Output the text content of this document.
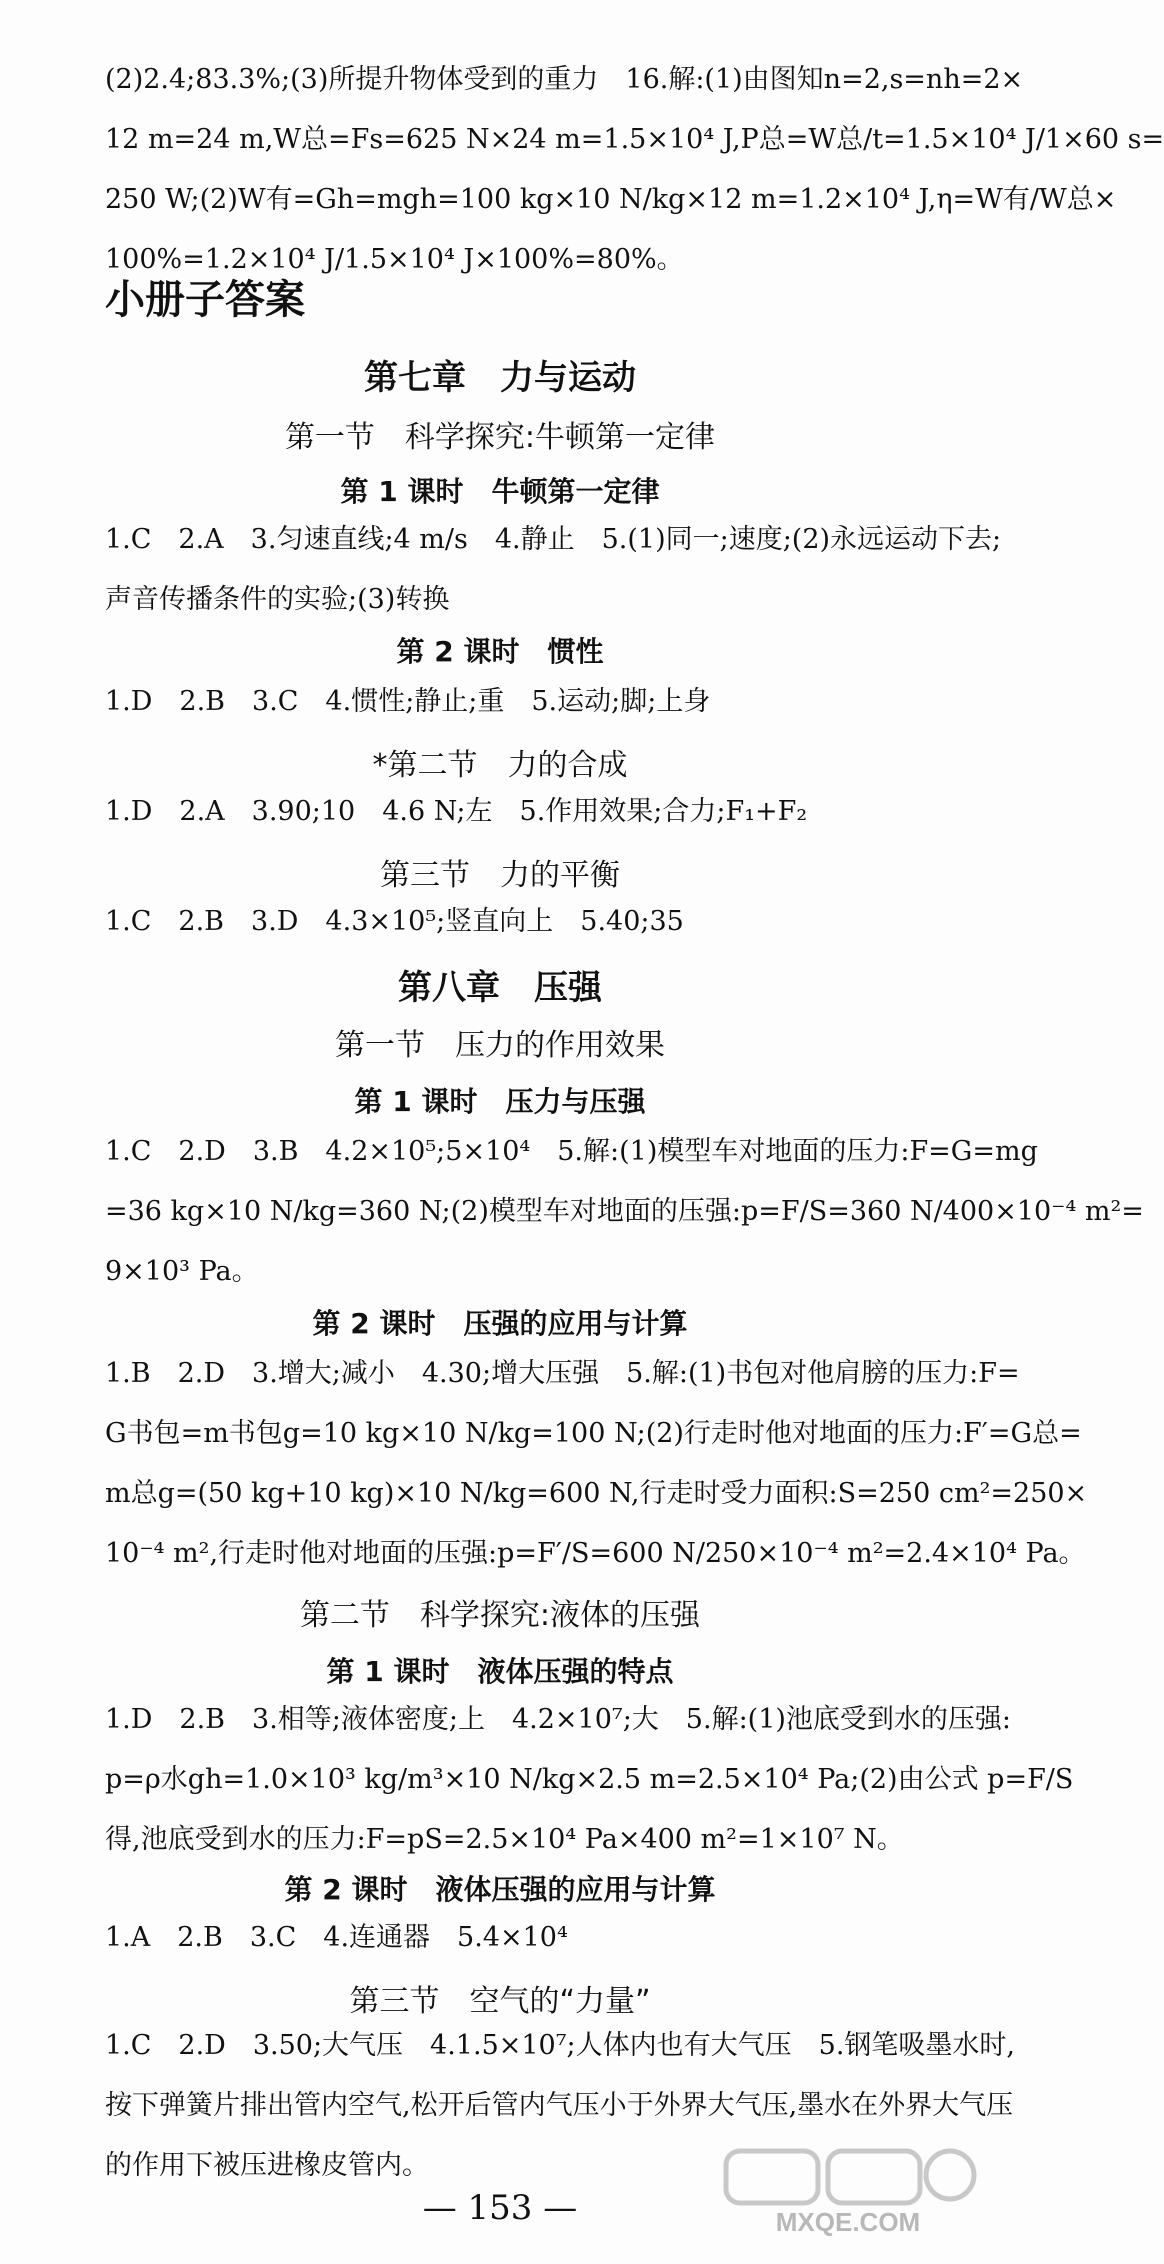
(2)2.4;83.3%;(3)所提升物体受到的重力　16.解:(1)由图知n=2,s=nh=2×
12 m=24 m,W总=Fs=625 N×24 m=1.5×10⁴ J,P总=W总/t=1.5×10⁴ J/1×60 s=
250 W;(2)W有=Gh=mgh=100 kg×10 N/kg×12 m=1.2×10⁴ J,η=W有/W总×
100%=1.2×10⁴ J/1.5×10⁴ J×100%=80%。
小册子答案
第七章　力与运动
第一节　科学探究:牛顿第一定律
第 1 课时　牛顿第一定律
1.C　2.A　3.匀速直线;4 m/s　4.静止　5.(1)同一;速度;(2)永远运动下去;
声音传播条件的实验;(3)转换
第 2 课时　惯性
1.D　2.B　3.C　4.惯性;静止;重　5.运动;脚;上身
*第二节　力的合成
1.D　2.A　3.90;10　4.6 N;左　5.作用效果;合力;F₁+F₂
第三节　力的平衡
1.C　2.B　3.D　4.3×10⁵;竖直向上　5.40;35
第八章　压强
第一节　压力的作用效果
第 1 课时　压力与压强
1.C　2.D　3.B　4.2×10⁵;5×10⁴　5.解:(1)模型车对地面的压力:F=G=mg
=36 kg×10 N/kg=360 N;(2)模型车对地面的压强:p=F/S=360 N/400×10⁻⁴ m²=
9×10³ Pa。
第 2 课时　压强的应用与计算
1.B　2.D　3.增大;减小　4.30;增大压强　5.解:(1)书包对他肩膀的压力:F=
G书包=m书包g=10 kg×10 N/kg=100 N;(2)行走时他对地面的压力:F′=G总=
m总g=(50 kg+10 kg)×10 N/kg=600 N,行走时受力面积:S=250 cm²=250×
10⁻⁴ m²,行走时他对地面的压强:p=F′/S=600 N/250×10⁻⁴ m²=2.4×10⁴ Pa。
第二节　科学探究:液体的压强
第 1 课时　液体压强的特点
1.D　2.B　3.相等;液体密度;上　4.2×10⁷;大　5.解:(1)池底受到水的压强:
p=ρ水gh=1.0×10³ kg/m³×10 N/kg×2.5 m=2.5×10⁴ Pa;(2)由公式 p=F/S
得,池底受到水的压力:F=pS=2.5×10⁴ Pa×400 m²=1×10⁷ N。
第 2 课时　液体压强的应用与计算
1.A　2.B　3.C　4.连通器　5.4×10⁴
第三节　空气的“力量”
1.C　2.D　3.50;大气压　4.1.5×10⁷;人体内也有大气压　5.钢笔吸墨水时,
按下弹簧片排出管内空气,松开后管内气压小于外界大气压,墨水在外界大气压
的作用下被压进橡皮管内。
— 153 —	MXQE.COM
